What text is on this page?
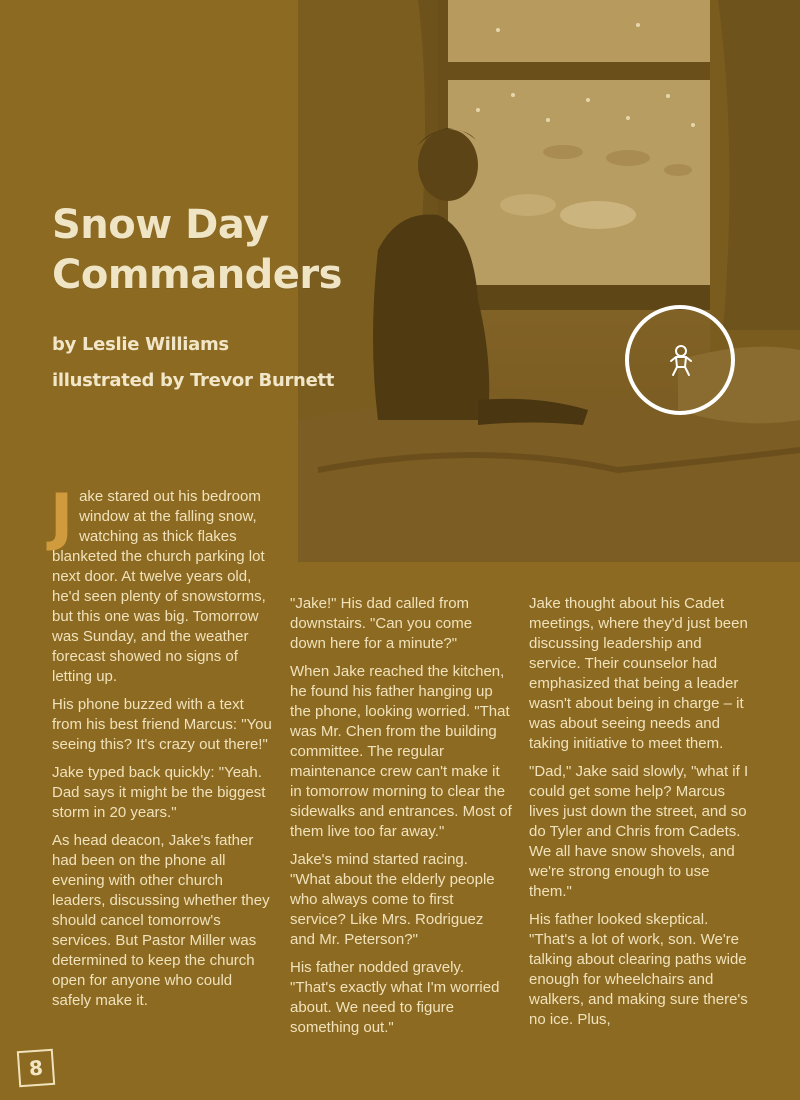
Snow Day
Commanders
by Leslie Williams
illustrated by Trevor Burnett

Jake stared out his bedroom window at the falling snow, watching as thick flakes blanketed the church parking lot next door. At twelve years old, he'd seen plenty of snowstorms, but this one was big. Tomorrow was Sunday, and the weather forecast showed no signs of letting up.

His phone buzzed with a text from his best friend Marcus: "You seeing this? It's crazy out there!"

Jake typed back quickly: "Yeah. Dad says it might be the biggest storm in 20 years."

As head deacon, Jake's father had been on the phone all evening with other church leaders, discussing whether they should cancel tomorrow's services. But Pastor Miller was determined to keep the church open for anyone who could safely make it.

"Jake!" His dad called from downstairs. "Can you come down here for a minute?"

When Jake reached the kitchen, he found his father hanging up the phone, looking worried. "That was Mr. Chen from the building committee. The regular maintenance crew can't make it in tomorrow morning to clear the sidewalks and entrances. Most of them live too far away."

Jake's mind started racing. "What about the elderly people who always come to first service? Like Mrs. Rodriguez and Mr. Peterson?"

His father nodded gravely. "That's exactly what I'm worried about. We need to figure something out."

Jake thought about his Cadet meetings, where they'd just been discussing leadership and service. Their counselor had emphasized that being a leader wasn't about being in charge – it was about seeing needs and taking initiative to meet them.

"Dad," Jake said slowly, "what if I could get some help? Marcus lives just down the street, and so do Tyler and Chris from Cadets. We all have snow shovels, and we're strong enough to use them."

His father looked skeptical. "That's a lot of work, son. We're talking about clearing paths wide enough for wheelchairs and walkers, and making sure there's no ice. Plus,

8
